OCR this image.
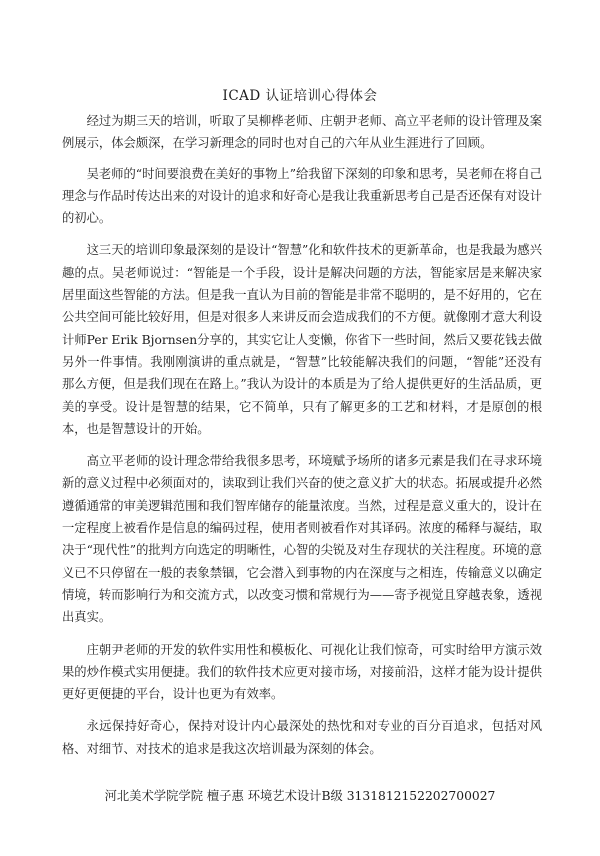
ICAD 认证培训心得体会

经过为期三天的培训，听取了吴柳桦老师、庄朝尹老师、高立平老师的设计管理及案例展示，体会颇深，在学习新理念的同时也对自己的六年从业生涯进行了回顾。

吴老师的“时间要浪费在美好的事物上”给我留下深刻的印象和思考，吴老师在将自己理念与作品时传达出来的对设计的追求和好奇心是我让我重新思考自己是否还保有对设计的初心。

这三天的培训印象最深刻的是设计“智慧”化和软件技术的更新革命，也是我最为感兴趣的点。吴老师说过：“智能是一个手段，设计是解决问题的方法，智能家居是来解决家居里面这些智能的方法。但是我一直认为目前的智能是非常不聪明的，是不好用的，它在公共空间可能比较好用，但是对很多人来讲反而会造成我们的不方便。就像刚才意大利设计师Per Erik Bjornsen分享的，其实它让人变懒，你省下一些时间，然后又要花钱去做另外一件事情。我刚刚演讲的重点就是，“智慧”比较能解决我们的问题，“智能”还没有那么方便，但是我们现在在路上。”我认为设计的本质是为了给人提供更好的生活品质，更美的享受。设计是智慧的结果，它不简单，只有了解更多的工艺和材料，才是原创的根本，也是智慧设计的开始。

高立平老师的设计理念带给我很多思考，环境赋予场所的诸多元素是我们在寻求环境新的意义过程中必须面对的，读取到让我们兴奋的使之意义扩大的状态。拓展或提升必然遵循通常的审美逻辑范围和我们智库储存的能量浓度。当然，过程是意义重大的，设计在一定程度上被看作是信息的编码过程，使用者则被看作对其译码。浓度的稀释与凝结，取决于“现代性”的批判方向选定的明晰性，心智的尖锐及对生存现状的关注程度。环境的意义已不只停留在一般的表象禁锢，它会潜入到事物的内在深度与之相连，传输意义以确定情境，转而影响行为和交流方式，以改变习惯和常规行为——寄予视觉且穿越表象，透视出真实。

庄朝尹老师的开发的软件实用性和模板化、可视化让我们惊奇，可实时给甲方演示效果的炒作模式实用便捷。我们的软件技术应更对接市场，对接前沿，这样才能为设计提供更好更便捷的平台，设计也更为有效率。

永远保持好奇心，保持对设计内心最深处的热忱和对专业的百分百追求，包括对风格、对细节、对技术的追求是我这次培训最为深刻的体会。

河北美术学院学院 檀子惠 环境艺术设计B级 3131812152202700027
